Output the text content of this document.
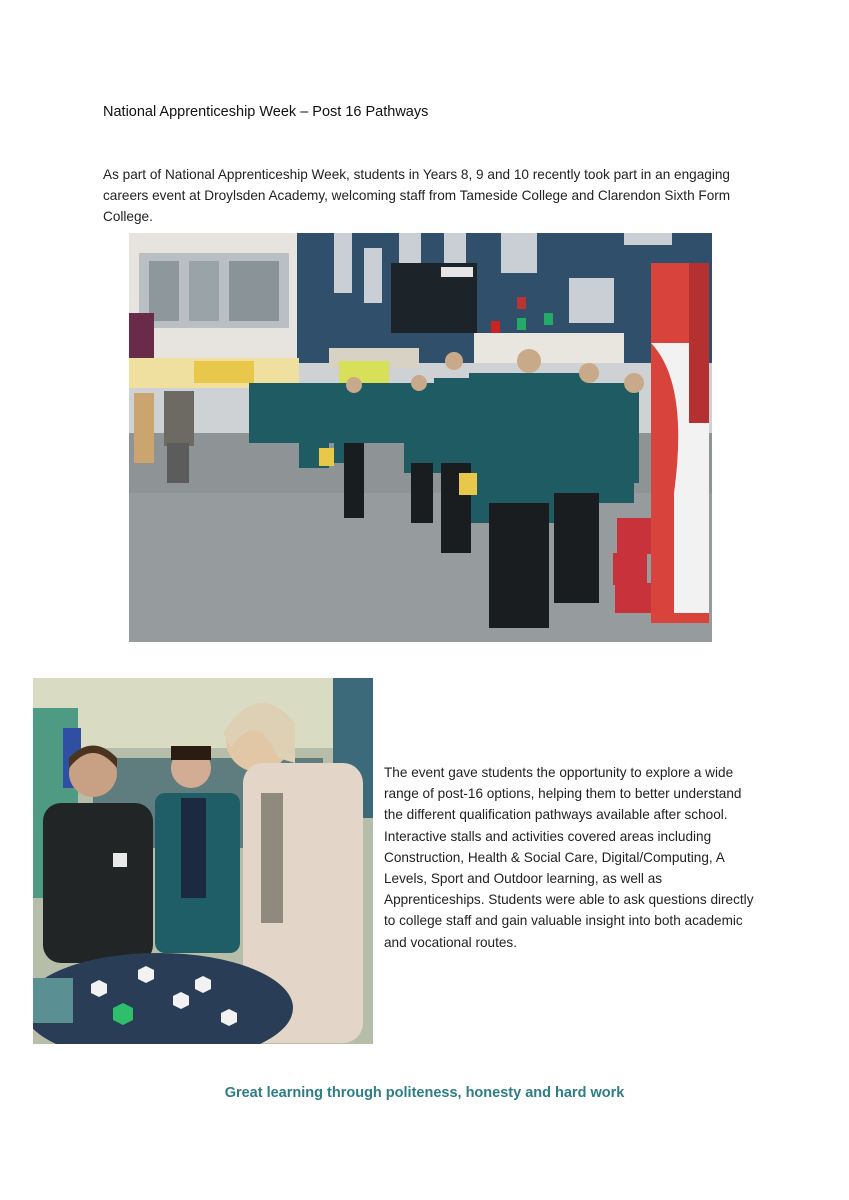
National Apprenticeship Week – Post 16 Pathways
As part of National Apprenticeship Week, students in Years 8, 9 and 10 recently took part in an engaging careers event at Droylsden Academy, welcoming staff from Tameside College and Clarendon Sixth Form College.
The event gave students the opportunity to explore a wide range of post-16 options, helping them to better understand the different qualification pathways available after school. Interactive stalls and activities covered areas including Construction, Health & Social Care, Digital/Computing, A Levels, Sport and Outdoor learning, as well as Apprenticeships. Students were able to ask questions directly to college staff and gain valuable insight into both academic and vocational routes.
Great learning through politeness, honesty and hard work
